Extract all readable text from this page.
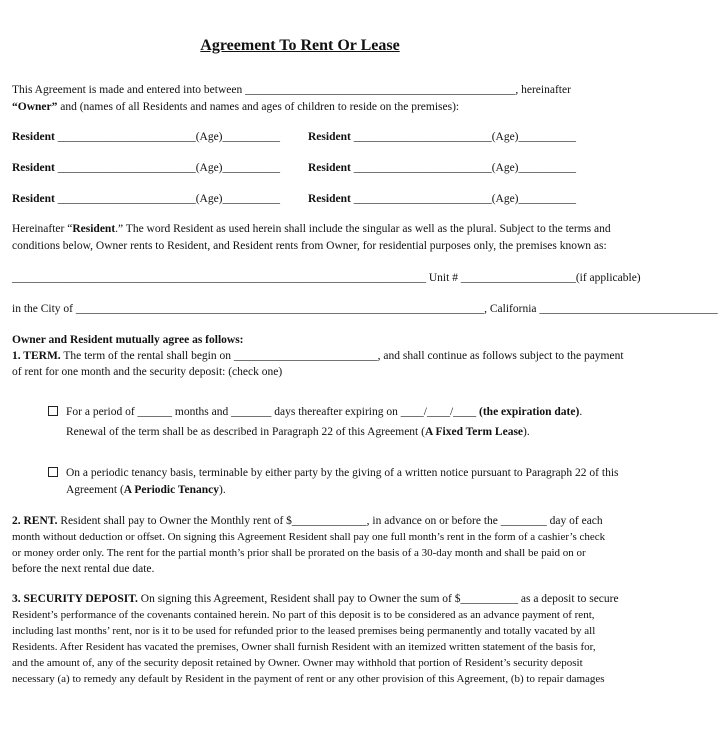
Agreement To Rent Or Lease
This Agreement is made and entered into between _______________________________________________, hereinafter
“Owner” and (names of all Residents and names and ages of children to reside on the premises):
Resident ________________________(Age)__________ Resident ________________________(Age)__________
Resident ________________________(Age)__________ Resident ________________________(Age)__________
Resident ________________________(Age)__________ Resident ________________________(Age)__________
Hereinafter “Resident.” The word Resident as used herein shall include the singular as well as the plural. Subject to the terms and
conditions below, Owner rents to Resident, and Resident rents from Owner, for residential purposes only, the premises known as:
________________________________________________________________________ Unit # ____________________(if applicable)
in the City of _______________________________________________________________________, California _______________________________
Owner and Resident mutually agree as follows:
1. TERM. The term of the rental shall begin on _________________________, and shall continue as follows subject to the payment
of rent for one month and the security deposit: (check one)
For a period of ______ months and _______ days thereafter expiring on ____/____/____ (the expiration date).
Renewal of the term shall be as described in Paragraph 22 of this Agreement (A Fixed Term Lease).
On a periodic tenancy basis, terminable by either party by the giving of a written notice pursuant to Paragraph 22 of this
Agreement (A Periodic Tenancy).
2. RENT. Resident shall pay to Owner the Monthly rent of $_____________, in advance on or before the ________ day of each
month without deduction or offset. On signing this Agreement Resident shall pay one full month’s rent in the form of a cashier’s check
or money order only. The rent for the partial month’s prior shall be prorated on the basis of a 30-day month and shall be paid on or
before the next rental due date.
3. SECURITY DEPOSIT. On signing this Agreement, Resident shall pay to Owner the sum of $__________ as a deposit to secure
Resident’s performance of the covenants contained herein. No part of this deposit is to be considered as an advance payment of rent,
including last months’ rent, nor is it to be used for refunded prior to the leased premises being permanently and totally vacated by all
Residents. After Resident has vacated the premises, Owner shall furnish Resident with an itemized written statement of the basis for,
and the amount of, any of the security deposit retained by Owner. Owner may withhold that portion of Resident’s security deposit
necessary (a) to remedy any default by Resident in the payment of rent or any other provision of this Agreement, (b) to repair damages
